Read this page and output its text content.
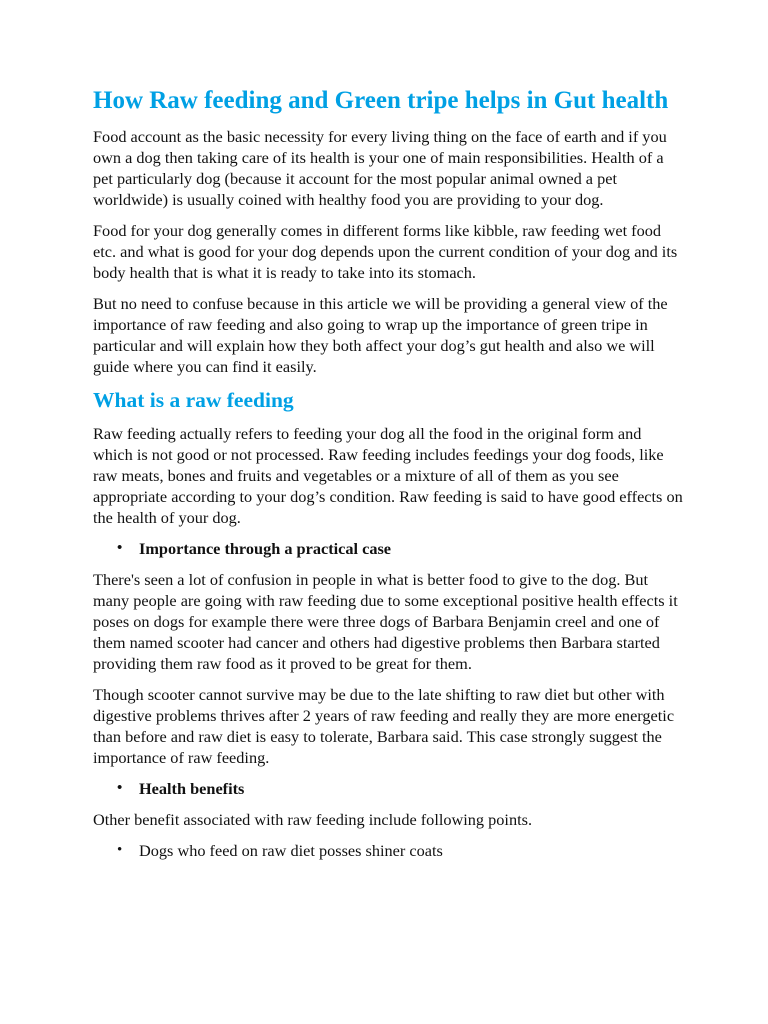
How Raw feeding and Green tripe helps in Gut health

Food account as the basic necessity for every living thing on the face of earth and if you own a dog then taking care of its health is your one of main responsibilities. Health of a pet particularly dog (because it account for the most popular animal owned a pet worldwide) is usually coined with healthy food you are providing to your dog.

Food for your dog generally comes in different forms like kibble, raw feeding wet food etc. and what is good for your dog depends upon the current condition of your dog and its body health that is what it is ready to take into its stomach.

But no need to confuse because in this article we will be providing a general view of the importance of raw feeding and also going to wrap up the importance of green tripe in particular and will explain how they both affect your dog’s gut health and also we will guide where you can find it easily.

What is a raw feeding

Raw feeding actually refers to feeding your dog all the food in the original form and which is not good or not processed. Raw feeding includes feedings your dog foods, like raw meats, bones and fruits and vegetables or a mixture of all of them as you see appropriate according to your dog’s condition. Raw feeding is said to have good effects on the health of your dog.

• Importance through a practical case

There's seen a lot of confusion in people in what is better food to give to the dog. But many people are going with raw feeding due to some exceptional positive health effects it poses on dogs for example there were three dogs of Barbara Benjamin creel and one of them named scooter had cancer and others had digestive problems then Barbara started providing them raw food as it proved to be great for them.

Though scooter cannot survive may be due to the late shifting to raw diet but other with digestive problems thrives after 2 years of raw feeding and really they are more energetic than before and raw diet is easy to tolerate, Barbara said. This case strongly suggest the importance of raw feeding.

• Health benefits

Other benefit associated with raw feeding include following points.

• Dogs who feed on raw diet posses shiner coats
